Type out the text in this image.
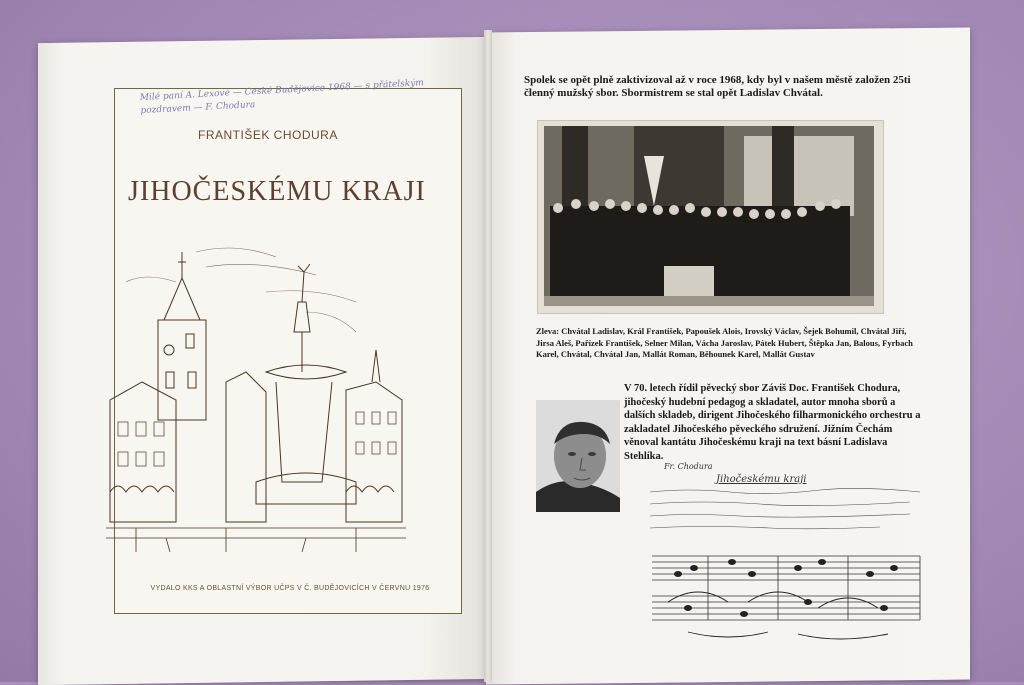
Milé paní A. Lexové — Ceské Budějovice 1968 — s přátelským pozdravem — F. Chodura
FRANTIŠEK CHODURA
JIHOČESKÉMU KRAJI
VYDALO KKS A OBLASTNÍ VÝBOR UČPS V Č. BUDĚJOVICÍCH V ČERVNU 1976
Spolek se opět plně zaktivizoval až v roce 1968, kdy byl v našem městě založen 25ti členný mužský sbor. Sbormistrem se stal opět Ladislav Chvátal.
Zleva: Chvátal Ladislav, Král František, Papoušek Alois, Irovský Václav, Šejek Bohumil, Chvátal Jiří, Jirsa Aleš, Pařízek František, Selner Milan, Vácha Jaroslav, Pátek Hubert, Štěpka Jan, Balous, Fyrbach Karel, Chvátal, Chvátal Jan, Mallát Roman, Běhounek Karel, Mallát Gustav
V 70. letech řídil pěvecký sbor Záviš Doc. František Chodura, jihočeský hudební pedagog a skladatel, autor mnoha sborů a dalších skladeb, dirigent Jihočeského filharmonického orchestru a zakladatel Jihočeského pěveckého sdružení. Jižním Čechám věnoval kantátu Jihočeskému kraji na text básní Ladislava Stehlíka.
Fr. Chodura
Jihočeskému kraji
